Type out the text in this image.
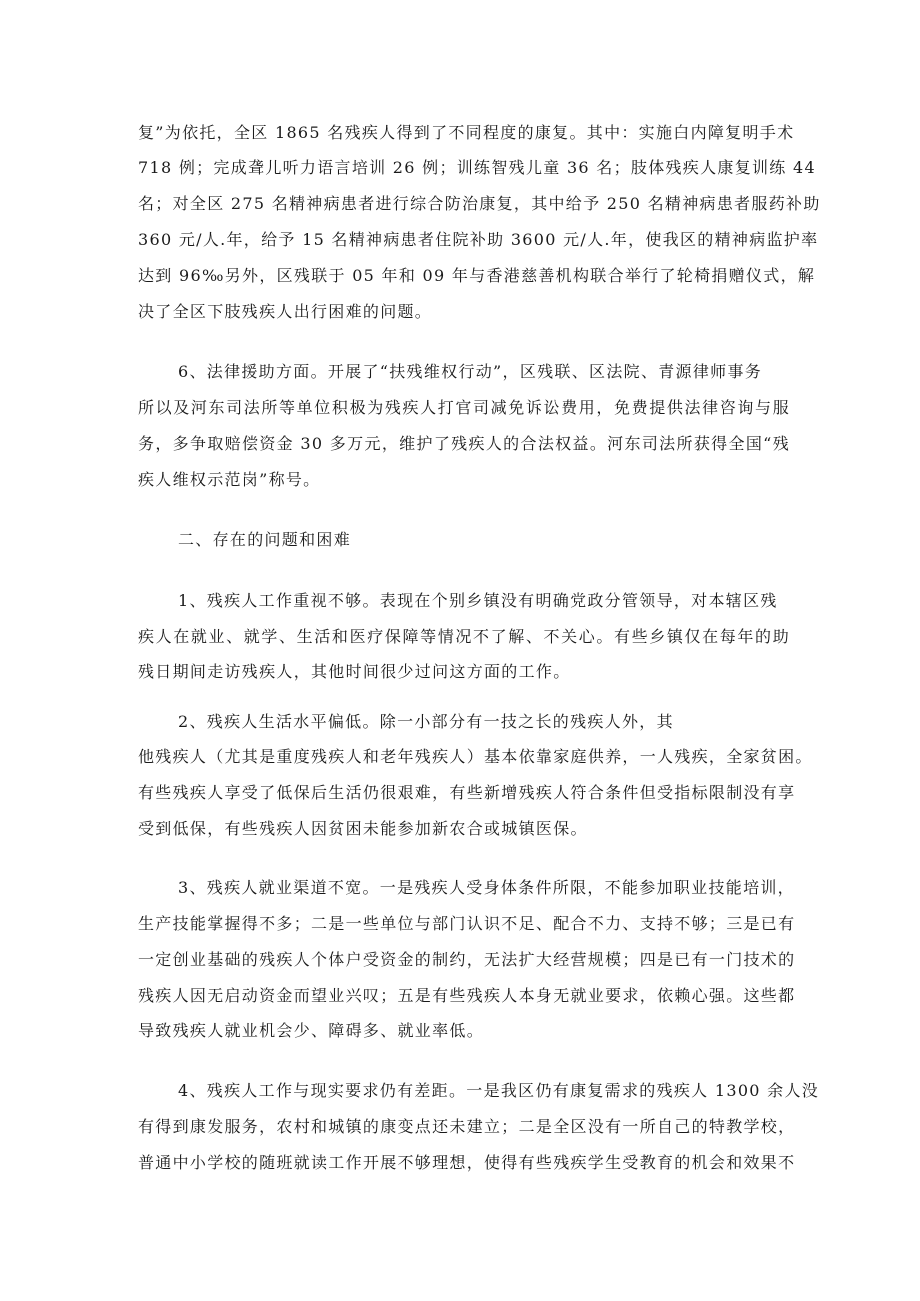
复”为依托，全区 1865 名残疾人得到了不同程度的康复。其中：实施白内障复明手术
718 例；完成聋儿听力语言培训 26 例；训练智残儿童 36 名；肢体残疾人康复训练 44
名；对全区 275 名精神病患者进行综合防治康复，其中给予 250 名精神病患者服药补助
360 元/人.年，给予 15 名精神病患者住院补助 3600 元/人.年，使我区的精神病监护率
达到 96‰另外，区残联于 05 年和 09 年与香港慈善机构联合举行了轮椅捐赠仪式，解
决了全区下肢残疾人出行困难的问题。
6、法律援助方面。开展了“扶残维权行动”，区残联、区法院、青源律师事务
所以及河东司法所等单位积极为残疾人打官司减免诉讼费用，免费提供法律咨询与服
务，多争取赔偿资金 30 多万元，维护了残疾人的合法权益。河东司法所获得全国“残
疾人维权示范岗”称号。
二、存在的问题和困难
1、残疾人工作重视不够。表现在个别乡镇没有明确党政分管领导，对本辖区残
疾人在就业、就学、生活和医疗保障等情况不了解、不关心。有些乡镇仅在每年的助
残日期间走访残疾人，其他时间很少过问这方面的工作。
2、残疾人生活水平偏低。除一小部分有一技之长的残疾人外，其
他残疾人（尤其是重度残疾人和老年残疾人）基本依靠家庭供养，一人残疾，全家贫困。
有些残疾人享受了低保后生活仍很艰难，有些新增残疾人符合条件但受指标限制没有享
受到低保，有些残疾人因贫困未能参加新农合或城镇医保。
3、残疾人就业渠道不宽。一是残疾人受身体条件所限，不能参加职业技能培训，
生产技能掌握得不多；二是一些单位与部门认识不足、配合不力、支持不够；三是已有
一定创业基础的残疾人个体户受资金的制约，无法扩大经营规模；四是已有一门技术的
残疾人因无启动资金而望业兴叹；五是有些残疾人本身无就业要求，依赖心强。这些都
导致残疾人就业机会少、障碍多、就业率低。
4、残疾人工作与现实要求仍有差距。一是我区仍有康复需求的残疾人 1300 余人没
有得到康发服务，农村和城镇的康变点还未建立；二是全区没有一所自己的特教学校，
普通中小学校的随班就读工作开展不够理想，使得有些残疾学生受教育的机会和效果不
